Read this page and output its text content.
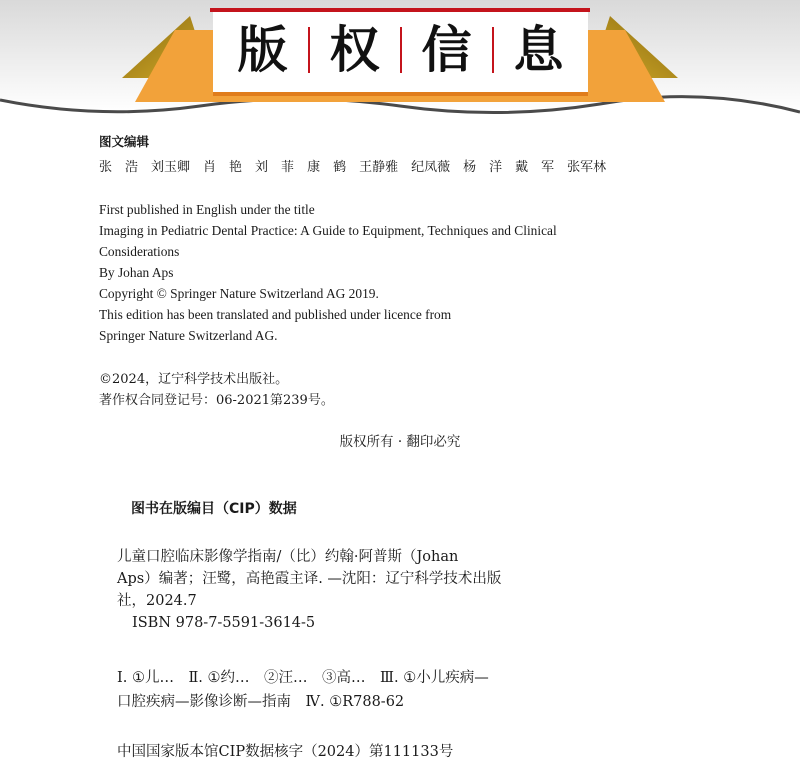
版 权 信 息
图文编辑
张　浩 刘玉卿 肖　艳 刘　菲 康　鹤 王静雅 纪凤薇 杨　洋 戴　军 张军林
First published in English under the title
Imaging in Pediatric Dental Practice: A Guide to Equipment, Techniques and Clinical
Considerations
By Johan Aps
Copyright © Springer Nature Switzerland AG 2019.
This edition has been translated and published under licence from
Springer Nature Switzerland AG.
©2024，辽宁科学技术出版社。
著作权合同登记号：06-2021第239号。
版权所有 · 翻印必究
图书在版编目（CIP）数据
儿童口腔临床影像学指南/（比）约翰·阿普斯（Johan
Aps）编著；汪鹭，高艳霞主译. —沈阳：辽宁科学技术出版
社，2024.7
ISBN 978-7-5591-3614-5
Ⅰ. ①儿…　Ⅱ. ①约…　②汪…　③高…　Ⅲ. ①小儿疾病—
口腔疾病—影像诊断—指南　Ⅳ. ①R788-62
中国国家版本馆CIP数据核字（2024）第111133号
